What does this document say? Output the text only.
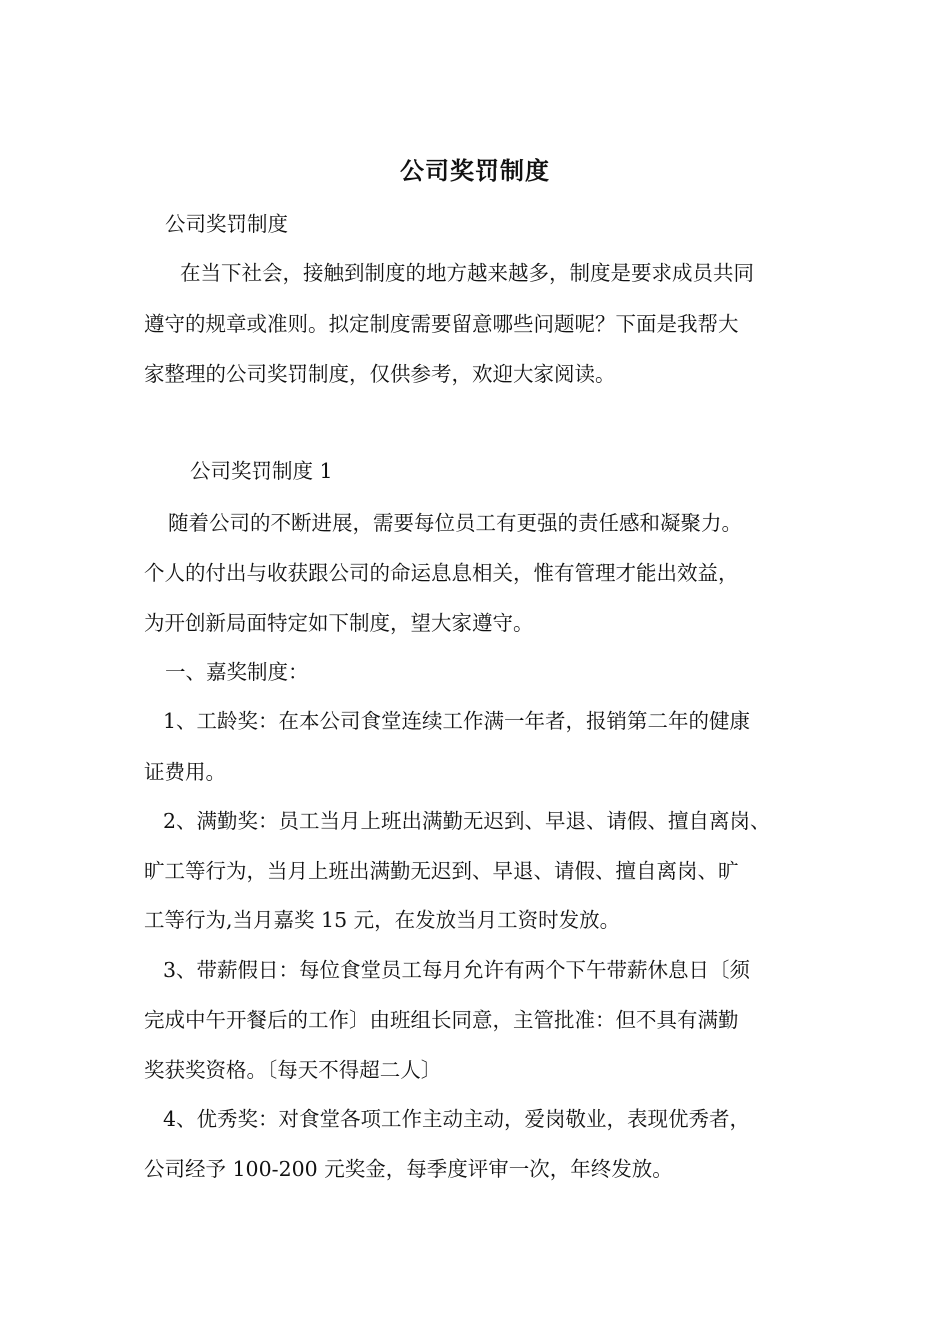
公司奖罚制度
公司奖罚制度
在当下社会，接触到制度的地方越来越多，制度是要求成员共同
遵守的规章或准则。拟定制度需要留意哪些问题呢？下面是我帮大
家整理的公司奖罚制度，仅供参考，欢迎大家阅读。
公司奖罚制度 1
随着公司的不断进展，需要每位员工有更强的责任感和凝聚力。
个人的付出与收获跟公司的命运息息相关，惟有管理才能出效益，
为开创新局面特定如下制度，望大家遵守。
一、嘉奖制度：
1、工龄奖：在本公司食堂连续工作满一年者，报销第二年的健康
证费用。
2、满勤奖：员工当月上班出满勤无迟到、早退、请假、擅自离岗、
旷工等行为，当月上班出满勤无迟到、早退、请假、擅自离岗、旷
工等行为,当月嘉奖 15 元，在发放当月工资时发放。
3、带薪假日：每位食堂员工每月允许有两个下午带薪休息日〔须
完成中午开餐后的工作〕由班组长同意，主管批准：但不具有满勤
奖获奖资格。〔每天不得超二人〕
4、优秀奖：对食堂各项工作主动主动，爱岗敬业，表现优秀者，
公司经予 100-200 元奖金，每季度评审一次，年终发放。
